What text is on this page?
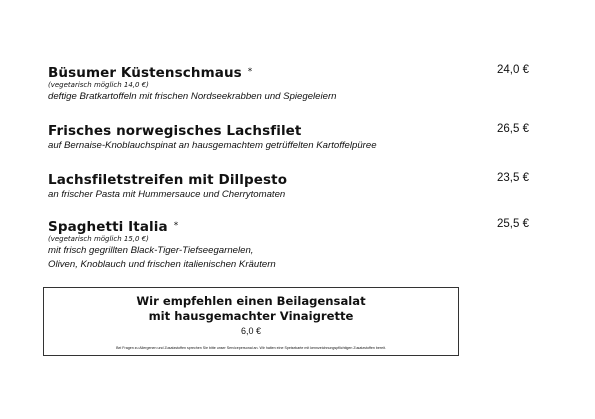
Büsumer Küstenschmaus *
(vegetarisch möglich 14,0 €)
deftige Bratkartoffeln mit frischen Nordseekrabben und Spiegeleiern
24,0 €
Frisches norwegisches Lachsfilet
auf Bernaise-Knoblauchspinat an hausgemachtem getrüffelten Kartoffelpüree
26,5 €
Lachsfiletstreifen mit Dillpesto
an frischer Pasta mit Hummersauce und Cherrytomaten
23,5 €
Spaghetti Italia *
(vegetarisch möglich 15,0 €)
mit frisch gegrillten Black-Tiger-Tiefseegarnelen,
Oliven, Knoblauch und frischen italienischen Kräutern
25,5 €
Wir empfehlen einen Beilagensalat
mit hausgemachter Vinaigrette
6,0 €
Bei Fragen zu Allergenen und Zusatzstoffen sprechen Sie bitte unser Servicepersonal an. Wir halten eine Speisekarte mit kennzeichnungspflichtigen Zusatzstoffen bereit.
